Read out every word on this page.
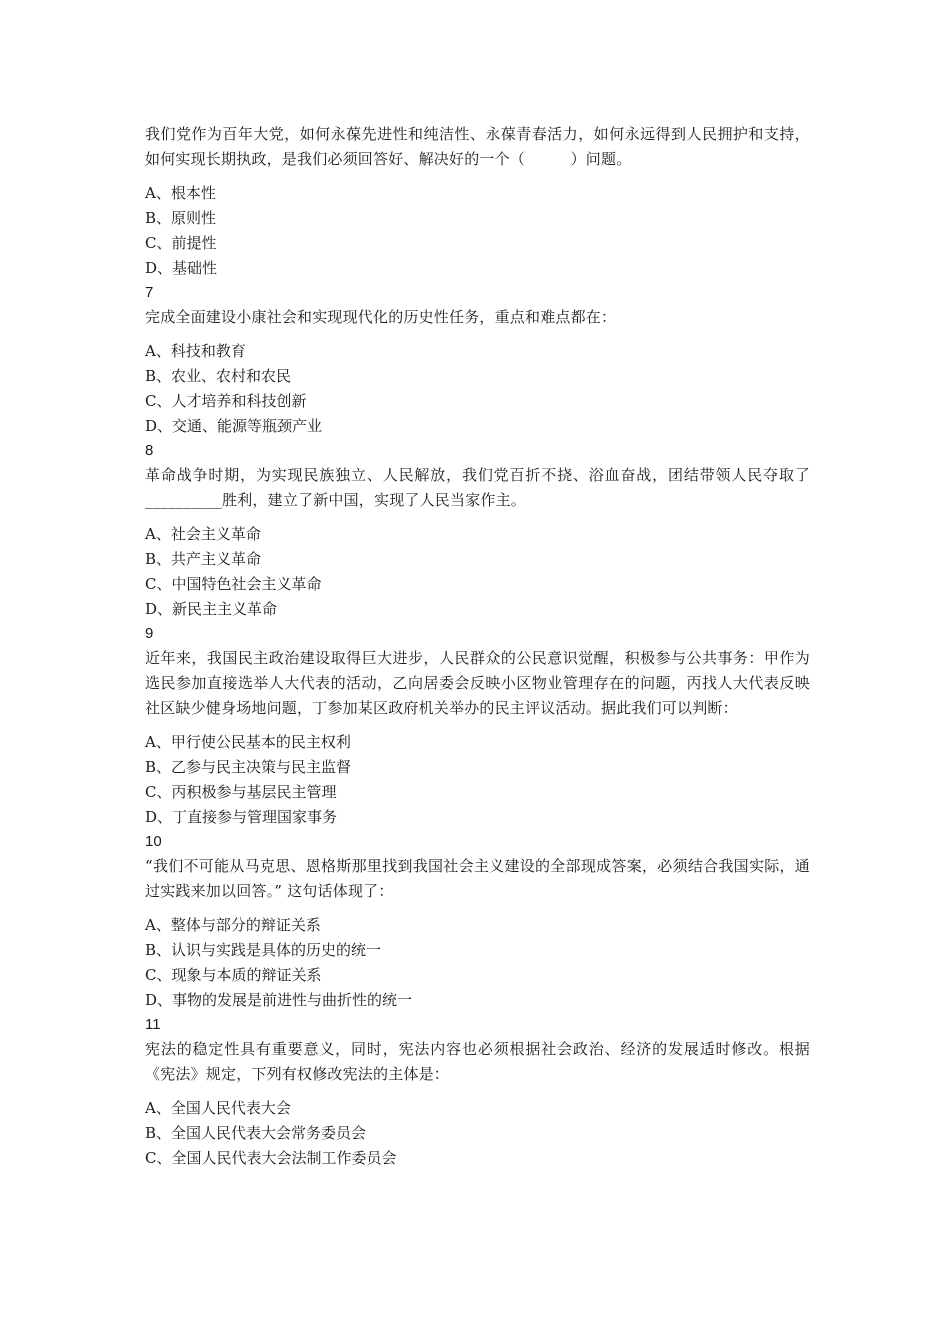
我们党作为百年大党，如何永葆先进性和纯洁性、永葆青春活力，如何永远得到人民拥护和支持，如何实现长期执政，是我们必须回答好、解决好的一个（　　　）问题。

A、根本性
B、原则性
C、前提性
D、基础性
7

完成全面建设小康社会和实现现代化的历史性任务，重点和难点都在：

A、科技和教育
B、农业、农村和农民
C、人才培养和科技创新
D、交通、能源等瓶颈产业
8

革命战争时期，为实现民族独立、人民解放，我们党百折不挠、浴血奋战，团结带领人民夺取了__________胜利，建立了新中国，实现了人民当家作主。

A、社会主义革命
B、共产主义革命
C、中国特色社会主义革命
D、新民主主义革命
9

近年来，我国民主政治建设取得巨大进步，人民群众的公民意识觉醒，积极参与公共事务：甲作为选民参加直接选举人大代表的活动，乙向居委会反映小区物业管理存在的问题，丙找人大代表反映社区缺少健身场地问题，丁参加某区政府机关举办的民主评议活动。据此我们可以判断：

A、甲行使公民基本的民主权利
B、乙参与民主决策与民主监督
C、丙积极参与基层民主管理
D、丁直接参与管理国家事务
10

“我们不可能从马克思、恩格斯那里找到我国社会主义建设的全部现成答案，必须结合我国实际，通过实践来加以回答。” 这句话体现了：

A、整体与部分的辩证关系
B、认识与实践是具体的历史的统一
C、现象与本质的辩证关系
D、事物的发展是前进性与曲折性的统一
11

宪法的稳定性具有重要意义，同时，宪法内容也必须根据社会政治、经济的发展适时修改。根据《宪法》规定，下列有权修改宪法的主体是：

A、全国人民代表大会
B、全国人民代表大会常务委员会
C、全国人民代表大会法制工作委员会
